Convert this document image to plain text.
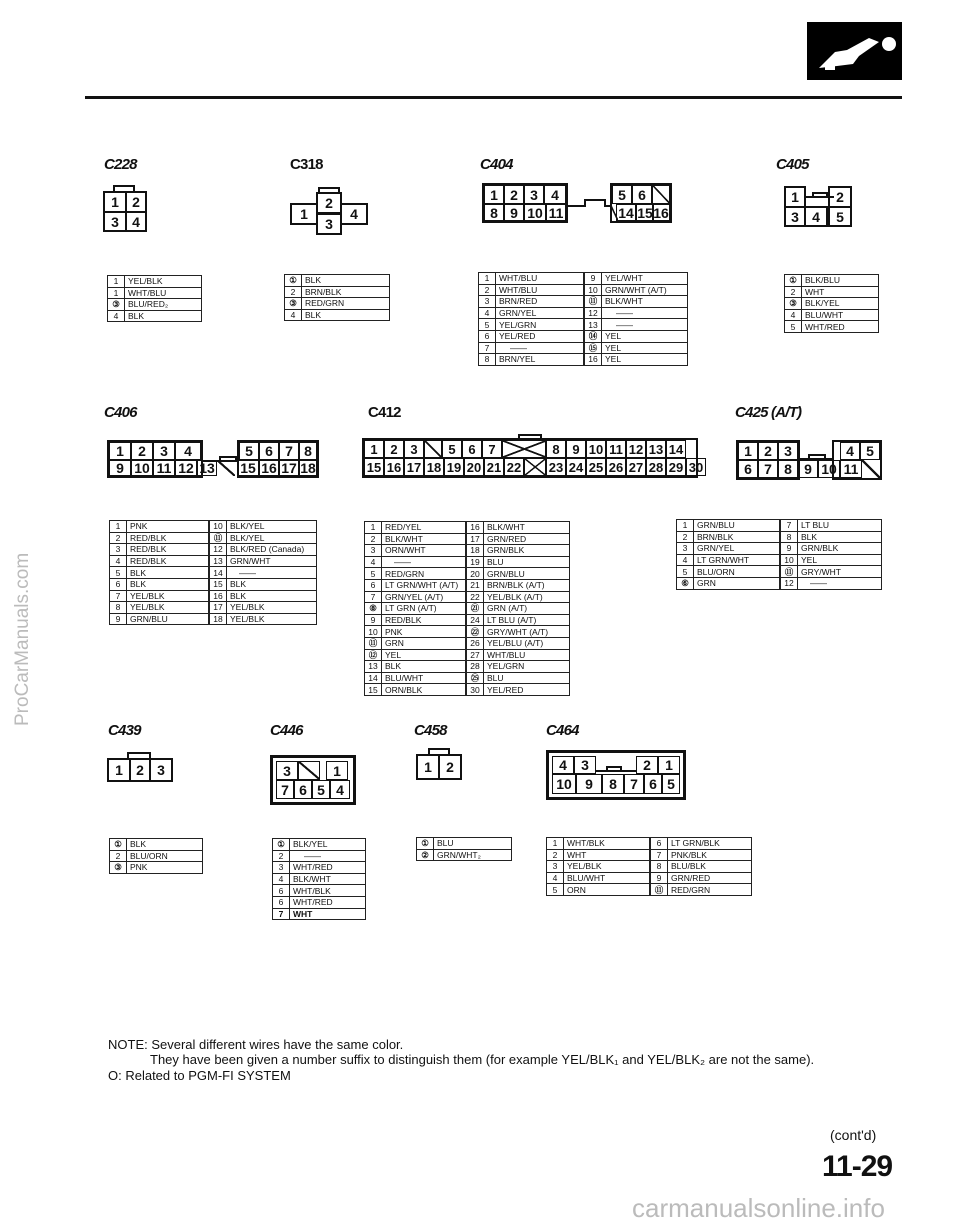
ProCarManuals.com
C228
1 2
3 4
1	YEL/BLK
1	WHT/BLU
③	BLU/RED₂
4	BLK
C318
2
1	4
3
①	BLK
2	BRN/BLK
③	RED/GRN
4	BLK
C404
1 2 3 4	5 6
8 9 10 11	14 15 16
1	WHT/BLU
2	WHT/BLU
3	BRN/RED
4	GRN/YEL
5	YEL/GRN
6	YEL/RED
7	——
8	BRN/YEL
9	YEL/WHT
10	GRN/WHT (A/T)
⑪	BLK/WHT
12	——
13	——
⑭	YEL
⑮	YEL
16	YEL
C405
1	2
3 4	5
①	BLK/BLU
2	WHT
③	BLK/YEL
4	BLU/WHT
5	WHT/RED
C406
1	2	3	4	5 6 7 8
9 10 11 12 13 15 16 17 18
1	PNK
2	RED/BLK
3	RED/BLK
4	RED/BLK
5	BLK
6	BLK
7	YEL/BLK
8	YEL/BLK
9	GRN/BLU
10	BLK/YEL
⑪	BLK/YEL
12	BLK/RED (Canada)
13	GRN/WHT
14	——
15	BLK
16	BLK
17	YEL/BLK
18	YEL/BLK
C412
1 2 3	5 6 7	8 9 10 11 12 13 14
15 16 17 18 19 20 21 22 23 24 25 26 27 28 29 30
1	RED/YEL
2	BLK/WHT
3	ORN/WHT
4	——
5	RED/GRN
6	LT GRN/WHT (A/T)
7	GRN/YEL (A/T)
⑧	LT GRN (A/T)
9	RED/BLK
10	PNK
⑪	GRN
⑫	YEL
13	BLK
14	BLU/WHT
15	ORN/BLK
16	BLK/WHT
17	GRN/RED
18	GRN/BLK
19	BLU
20	GRN/BLU
21	BRN/BLK (A/T)
22	YEL/BLK (A/T)
㉑	GRN (A/T)
24	LT BLU (A/T)
㉒	GRY/WHT (A/T)
26	YEL/BLU (A/T)
27	WHT/BLU
28	YEL/GRN
㉕	BLU
30	YEL/RED
C425 (A/T)
1 2 3	4 5
6 7 8 9 10 11
1	GRN/BLU
2	BRN/BLK
3	GRN/YEL
4	LT GRN/WHT
5	BLU/ORN
⑥	GRN
7	LT BLU
8	BLK
9	GRN/BLK
10	YEL
⑪	GRY/WHT
12	——
C439
1 2 3
①	BLK
2	BLU/ORN
③	PNK
C446
3	1
7 6 5 4
①	BLK/YEL
2	——
3	WHT/RED
4	BLK/WHT
6	WHT/BLK
6	WHT/RED
7	WHT
C458
1	2
①	BLU
②	GRN/WHT₂
C464
4	3	2	1
10 9	8 7 6 5
1	WHT/BLK
2	WHT
3	YEL/BLK
4	BLU/WHT
5	ORN
6	LT GRN/BLK
7	PNK/BLK
8	BLU/BLK
9	GRN/RED
⑪	RED/GRN
NOTE: Several different wires have the same color.
They have been given a number suffix to distinguish them (for example YEL/BLK₁ and YEL/BLK₂ are not the same).
O: Related to PGM-FI SYSTEM
(cont'd)
11-29
carmanualsonline.info
